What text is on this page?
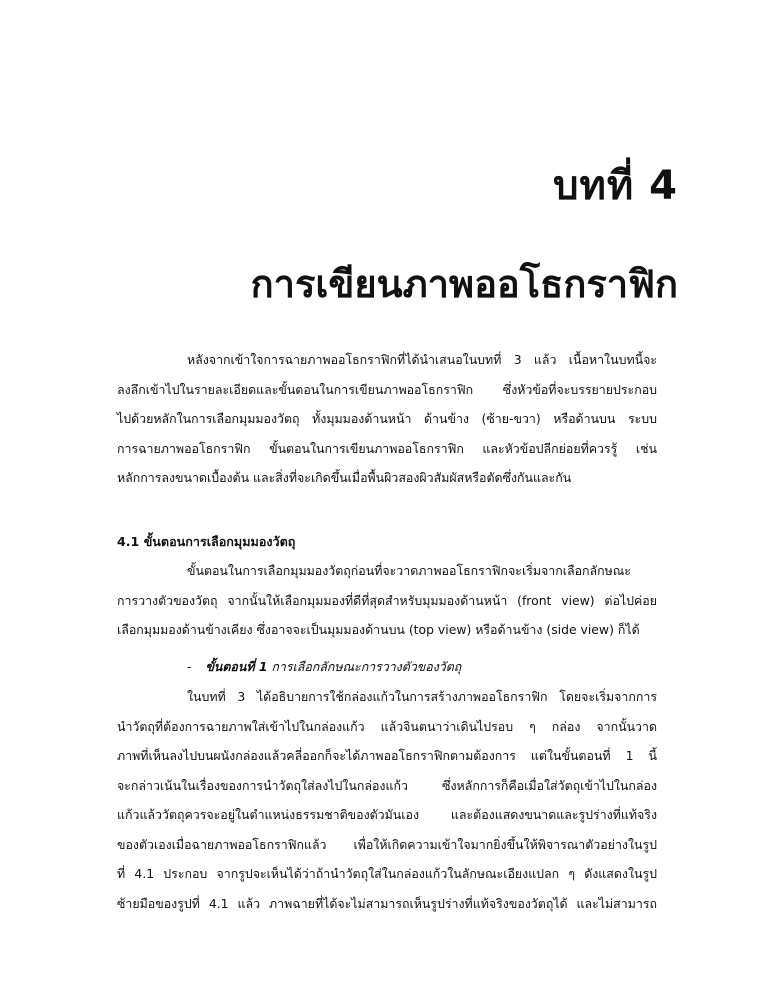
บทที่ 4
การเขียนภาพออโธกราฟิก
หลังจากเข้าใจการฉายภาพออโธกราฟิกที่ได้นำเสนอในบทที่ 3 แล้ว เนื้อหาในบทนี้จะ
ลงลึกเข้าไปในรายละเอียดและขั้นตอนในการเขียนภาพออโธกราฟิก ซึ่งหัวข้อที่จะบรรยายประกอบ
ไปด้วยหลักในการเลือกมุมมองวัตถุ ทั้งมุมมองด้านหน้า ด้านข้าง (ซ้าย-ขวา) หรือด้านบน ระบบ
การฉายภาพออโธกราฟิก ขั้นตอนในการเขียนภาพออโธกราฟิก และหัวข้อปลีกย่อยที่ควรรู้ เช่น
หลักการลงขนาดเบื้องต้น และสิ่งที่จะเกิดขึ้นเมื่อพื้นผิวสองผิวสัมผัสหรือตัดซึ่งกันและกัน
4.1 ขั้นตอนการเลือกมุมมองวัตถุ
ขั้นตอนในการเลือกมุมมองวัตถุก่อนที่จะวาดภาพออโธกราฟิกจะเริ่มจากเลือกลักษณะ
การวางตัวของวัตถุ จากนั้นให้เลือกมุมมองที่ดีที่สุดสำหรับมุมมองด้านหน้า (front view) ต่อไปค่อย
เลือกมุมมองด้านข้างเคียง ซึ่งอาจจะเป็นมุมมองด้านบน (top view) หรือด้านข้าง (side view) ก็ได้
- ขั้นตอนที่ 1 การเลือกลักษณะการวางตัวของวัตถุ
ในบทที่ 3 ได้อธิบายการใช้กล่องแก้วในการสร้างภาพออโธกราฟิก โดยจะเริ่มจากการ
นำวัตถุที่ต้องการฉายภาพใส่เข้าไปในกล่องแก้ว แล้วจินตนาว่าเดินไปรอบ ๆ กล่อง จากนั้นวาด
ภาพที่เห็นลงไปบนผนังกล่องแล้วคลี่ออกก็จะได้ภาพออโธกราฟิกตามต้องการ แต่ในขั้นตอนที่ 1 นี้
จะกล่าวเน้นในเรื่องของการนำวัตถุใส่ลงไปในกล่องแก้ว ซึ่งหลักการก็คือเมื่อใส่วัตถุเข้าไปในกล่อง
แก้วแล้ววัตถุควรจะอยู่ในตำแหน่งธรรมชาติของตัวมันเอง และต้องแสดงขนาดและรูปร่างที่แท้จริง
ของตัวเองเมื่อฉายภาพออโธกราฟิกแล้ว เพื่อให้เกิดความเข้าใจมากยิ่งขึ้นให้พิจารณาตัวอย่างในรูป
ที่ 4.1 ประกอบ จากรูปจะเห็นได้ว่าถ้านำวัตถุใส่ในกล่องแก้วในลักษณะเอียงแปลก ๆ ดังแสดงในรูป
ซ้ายมือของรูปที่ 4.1 แล้ว ภาพฉายที่ได้จะไม่สามารถเห็นรูปร่างที่แท้จริงของวัตถุได้ และไม่สามารถ
